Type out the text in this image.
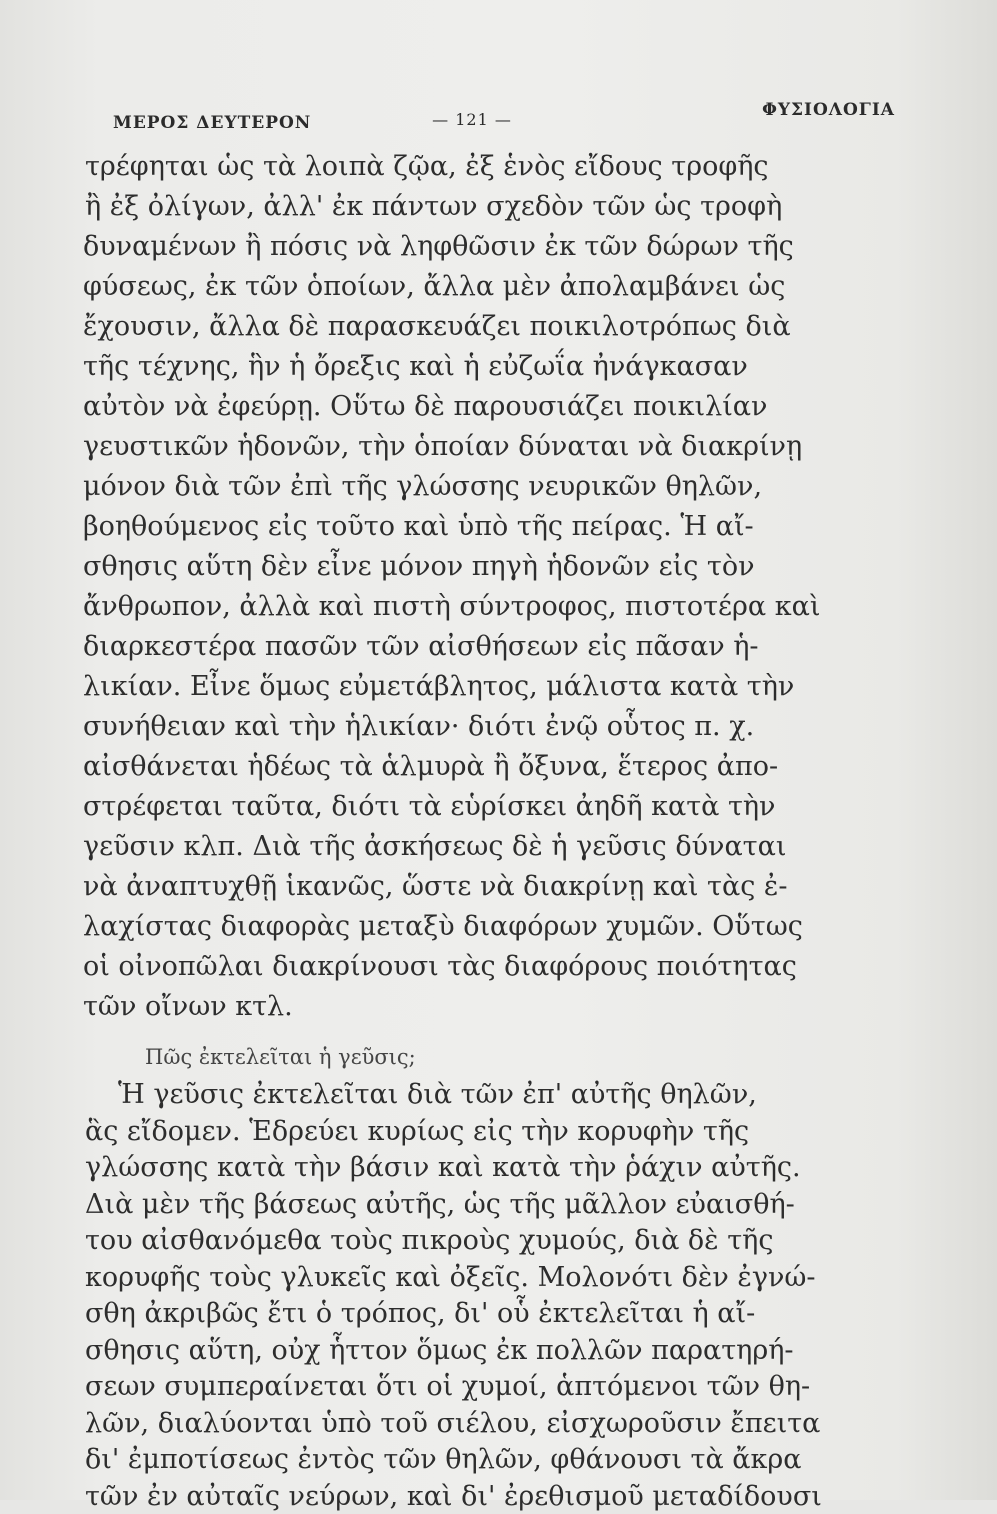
ΜΕΡΟΣ ΔΕΥΤΕΡΟΝ	— 121 —	ΦΥΣΙΟΛΟΓΙΑ
τρέφηται ὡς τὰ λοιπὰ ζῷα, ἐξ ἑνὸς εἴδους τροφῆς
ἢ ἐξ ὀλίγων, ἀλλ' ἐκ πάντων σχεδὸν τῶν ὡς τροφὴ
δυναμένων ἢ πόσις νὰ ληφθῶσιν ἐκ τῶν δώρων τῆς
φύσεως, ἐκ τῶν ὁποίων, ἄλλα μὲν ἀπολαμβάνει ὡς
ἔχουσιν, ἄλλα δὲ παρασκευάζει ποικιλοτρόπως διὰ
τῆς τέχνης, ἣν ἡ ὄρεξις καὶ ἡ εὐζωΐα ἠνάγκασαν
αὐτὸν νὰ ἐφεύρῃ. Οὕτω δὲ παρουσιάζει ποικιλίαν
γευστικῶν ἡδονῶν, τὴν ὁποίαν δύναται νὰ διακρίνῃ
μόνον διὰ τῶν ἐπὶ τῆς γλώσσης νευρικῶν θηλῶν,
βοηθούμενος εἰς τοῦτο καὶ ὑπὸ τῆς πείρας. Ἡ αἴ-
σθησις αὕτη δὲν εἶνε μόνον πηγὴ ἡδονῶν εἰς τὸν
ἄνθρωπον, ἀλλὰ καὶ πιστὴ σύντροφος, πιστοτέρα καὶ
διαρκεστέρα πασῶν τῶν αἰσθήσεων εἰς πᾶσαν ἡ-
λικίαν. Εἶνε ὅμως εὐμετάβλητος, μάλιστα κατὰ τὴν
συνήθειαν καὶ τὴν ἡλικίαν· διότι ἐνῷ οὗτος π. χ.
αἰσθάνεται ἡδέως τὰ ἁλμυρὰ ἢ ὄξυνα, ἕτερος ἀπο-
στρέφεται ταῦτα, διότι τὰ εὑρίσκει ἀηδῆ κατὰ τὴν
γεῦσιν κλπ. Διὰ τῆς ἀσκήσεως δὲ ἡ γεῦσις δύναται
νὰ ἀναπτυχθῇ ἱκανῶς, ὥστε νὰ διακρίνῃ καὶ τὰς ἐ-
λαχίστας διαφορὰς μεταξὺ διαφόρων χυμῶν. Οὕτως
οἱ οἰνοπῶλαι διακρίνουσι τὰς διαφόρους ποιότητας
τῶν οἴνων κτλ.
Πῶς ἐκτελεῖται ἡ γεῦσις;
Ἡ γεῦσις ἐκτελεῖται διὰ τῶν ἐπ' αὐτῆς θηλῶν,
ἃς εἴδομεν. Ἑδρεύει κυρίως εἰς τὴν κορυφὴν τῆς
γλώσσης κατὰ τὴν βάσιν καὶ κατὰ τὴν ῥάχιν αὐτῆς.
Διὰ μὲν τῆς βάσεως αὐτῆς, ὡς τῆς μᾶλλον εὐαισθή-
του αἰσθανόμεθα τοὺς πικροὺς χυμούς, διὰ δὲ τῆς
κορυφῆς τοὺς γλυκεῖς καὶ ὀξεῖς. Μολονότι δὲν ἐγνώ-
σθη ἀκριβῶς ἔτι ὁ τρόπος, δι' οὗ ἐκτελεῖται ἡ αἴ-
σθησις αὕτη, οὐχ ἧττον ὅμως ἐκ πολλῶν παρατηρή-
σεων συμπεραίνεται ὅτι οἱ χυμοί, ἁπτόμενοι τῶν θη-
λῶν, διαλύονται ὑπὸ τοῦ σιέλου, εἰσχωροῦσιν ἔπειτα
δι' ἐμποτίσεως ἐντὸς τῶν θηλῶν, φθάνουσι τὰ ἄκρα
τῶν ἐν αὐταῖς νεύρων, καὶ δι' ἐρεθισμοῦ μεταδίδουσι
